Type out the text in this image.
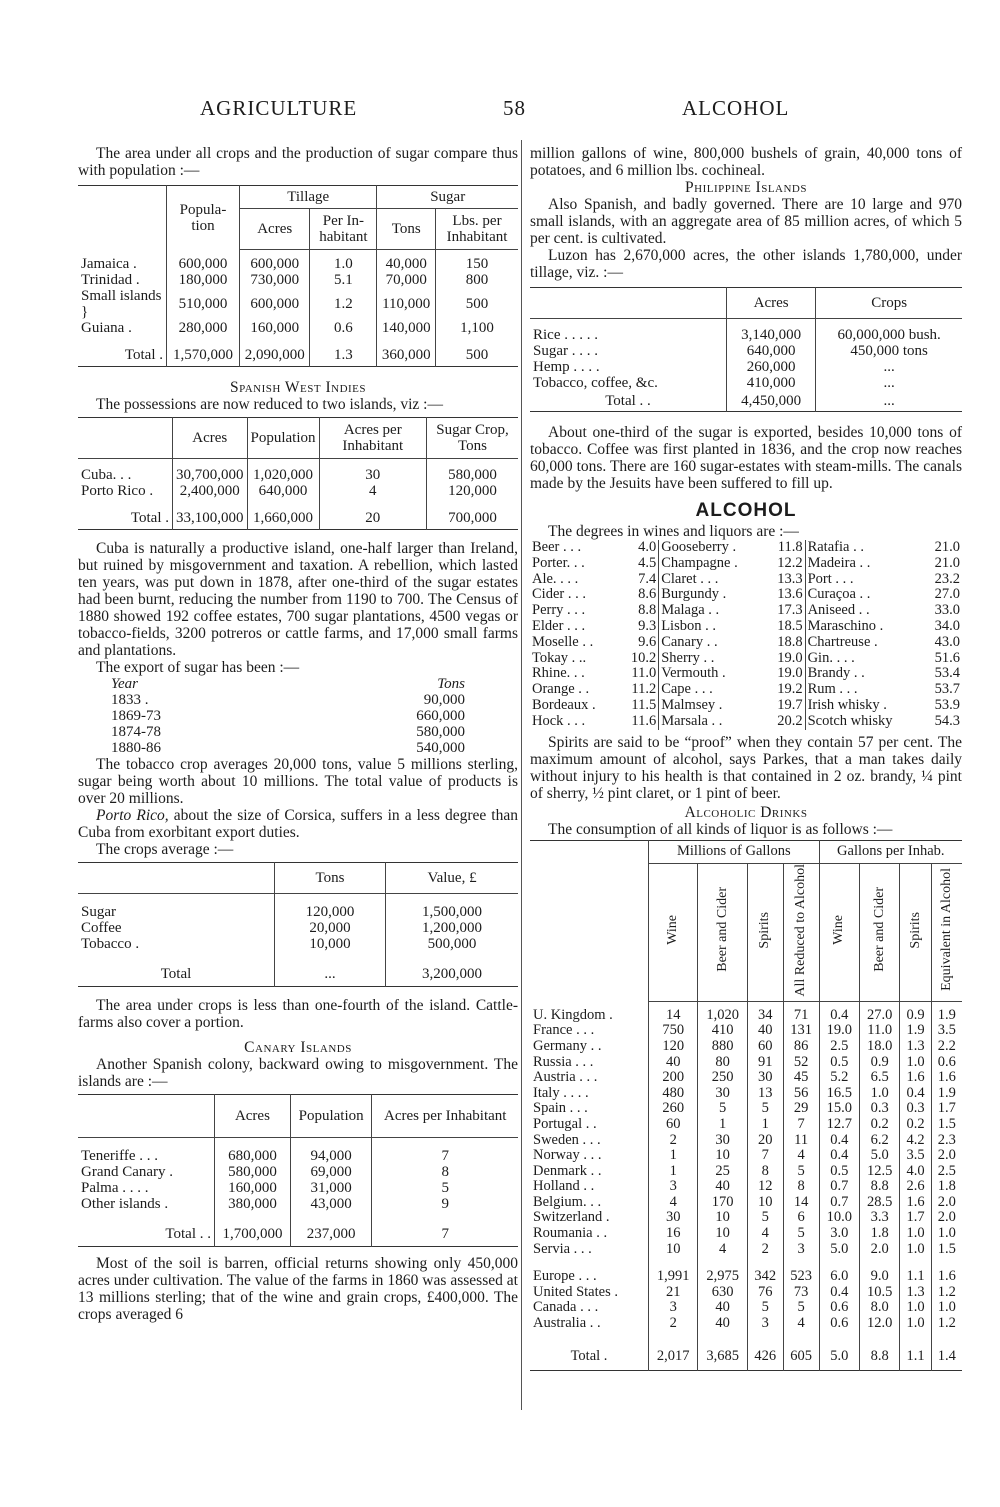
AGRICULTURE	58	ALCOHOL

The area under all crops and the production of sugar compare thus with population :—

	Popula-tion	Tillage		Sugar	
		Acres	Per In-habitant	Tons	Lbs. per Inhabitant

Jamaica .	600,000	600,000	1.0	40,000	150
Trinidad .	180,000	730,000	5.1	70,000	800
Small islands }	510,000	600,000	1.2	110,000	500
Guiana .	280,000	160,000	0.6	140,000	1,100

Total .	1,570,000	2,090,000	1.3	360,000	500

Spanish West Indies

The possessions are now reduced to two islands, viz :—

	Acres	Population	Acres per Inhabitant	Sugar Crop, Tons

Cuba. . .	30,700,000	1,020,000	30	580,000
Porto Rico .	2,400,000	640,000	4	120,000

Total .	33,100,000	1,660,000	20	700,000

Cuba is naturally a productive island, one-half larger than Ireland, but ruined by misgovernment and taxation. A rebellion, which lasted ten years, was put down in 1878, after one-third of the sugar estates had been burnt, reducing the number from 1190 to 700. The Census of 1880 showed 192 coffee estates, 700 sugar plantations, 4500 vegas or tobacco-fields, 3200 potreros or cattle farms, and 17,000 small farms and plantations.

The export of sugar has been :—

Year	Tons
1833 .	90,000
1869-73	660,000
1874-78	580,000
1880-86	540,000

The tobacco crop averages 20,000 tons, value 5 millions sterling, sugar being worth about 10 millions. The total value of products is over 20 millions.

Porto Rico, about the size of Corsica, suffers in a less degree than Cuba from exorbitant export duties.

The crops average :—

	Tons	Value, £

Sugar	120,000	1,500,000
Coffee	20,000	1,200,000
Tobacco .	10,000	500,000

Total	...	3,200,000

The area under crops is less than one-fourth of the island. Cattle-farms also cover a portion.

Canary Islands

Another Spanish colony, backward owing to misgovernment. The islands are :—

	Acres	Population	Acres per Inhabitant

Teneriffe . . .	680,000	94,000	7
Grand Canary .	580,000	69,000	8
Palma . . . .	160,000	31,000	5
Other islands .	380,000	43,000	9

Total . .	1,700,000	237,000	7

Most of the soil is barren, official returns showing only 450,000 acres under cultivation. The value of the farms in 1860 was assessed at 13 millions sterling; that of the wine and grain crops, £400,000. The crops averaged 6

million gallons of wine, 800,000 bushels of grain, 40,000 tons of potatoes, and 6 million lbs. cochineal.

Philippine Islands

Also Spanish, and badly governed. There are 10 large and 970 small islands, with an aggregate area of 85 million acres, of which 5 per cent. is cultivated.

Luzon has 2,670,000 acres, the other islands 1,780,000, under tillage, viz. :—

	Acres	Crops

Rice . . . . .	3,140,000	60,000,000 bush.
Sugar . . . .	640,000	450,000 tons
Hemp . . . .	260,000	...
Tobacco, coffee, &c.	410,000	...
Total . .	4,450,000	...

About one-third of the sugar is exported, besides 10,000 tons of tobacco. Coffee was first planted in 1836, and the crop now reaches 60,000 tons. There are 160 sugar-estates with steam-mills. The canals made by the Jesuits have been suffered to fill up.

ALCOHOL

The degrees in wines and liquors are :—

Beer . . .	4.0	Gooseberry .	11.8	Ratafia . .	21.0
Porter. . .	4.5	Champagne .	12.2	Madeira . .	21.0
Ale. . . .	7.4	Claret . . .	13.3	Port . . .	23.2
Cider . . .	8.6	Burgundy .	13.6	Curaçoa . .	27.0
Perry . . .	8.8	Malaga . .	17.3	Aniseed . .	33.0
Elder . . .	9.3	Lisbon . .	18.5	Maraschino .	34.0
Moselle . .	9.6	Canary . .	18.8	Chartreuse .	43.0
Tokay . ..	10.2	Sherry . .	19.0	Gin. . . .	51.6
Rhine. . .	11.0	Vermouth .	19.0	Brandy . .	53.4
Orange . .	11.2	Cape . . .	19.2	Rum . . .	53.7
Bordeaux .	11.5	Malmsey .	19.7	Irish whisky .	53.9
Hock . . .	11.6	Marsala . .	20.2	Scotch whisky	54.3

Spirits are said to be “proof” when they contain 57 per cent. The maximum amount of alcohol, says Parkes, that a man takes daily without injury to his health is that contained in 2 oz. brandy, ¼ pint of sherry, ½ pint claret, or 1 pint of beer.

Alcoholic Drinks

The consumption of all kinds of liquor is as follows :—

	Millions of Gallons				Gallons per Inhab.			
	Wine	Beer and Cider	Spirits	All Reduced to Alcohol	Wine	Beer and Cider	Spirits	Equivalent in Alcohol

U. Kingdom .	14	1,020	34	71	0.4	27.0	0.9	1.9
France . . .	750	410	40	131	19.0	11.0	1.9	3.5
Germany . .	120	880	60	86	2.5	18.0	1.3	2.2
Russia . . .	40	80	91	52	0.5	0.9	1.0	0.6
Austria . . .	200	250	30	45	5.2	6.5	1.6	1.6
Italy . . . .	480	30	13	56	16.5	1.0	0.4	1.9
Spain . . .	260	5	5	29	15.0	0.3	0.3	1.7
Portugal . .	60	1	1	7	12.7	0.2	0.2	1.5
Sweden . . .	2	30	20	11	0.4	6.2	4.2	2.3
Norway . . .	1	10	7	4	0.4	5.0	3.5	2.0
Denmark . .	1	25	8	5	0.5	12.5	4.0	2.5
Holland . .	3	40	12	8	0.7	8.8	2.6	1.8
Belgium. . .	4	170	10	14	0.7	28.5	1.6	2.0
Switzerland .	30	10	5	6	10.0	3.3	1.7	2.0
Roumania . .	16	10	4	5	3.0	1.8	1.0	1.0
Servia . . .	10	4	2	3	5.0	2.0	1.0	1.5

Europe . . .	1,991	2,975	342	523	6.0	9.0	1.1	1.6
United States .	21	630	76	73	0.4	10.5	1.3	1.2
Canada . . .	3	40	5	5	0.6	8.0	1.0	1.0
Australia . .	2	40	3	4	0.6	12.0	1.0	1.2

Total .	2,017	3,685	426	605	5.0	8.8	1.1	1.4
